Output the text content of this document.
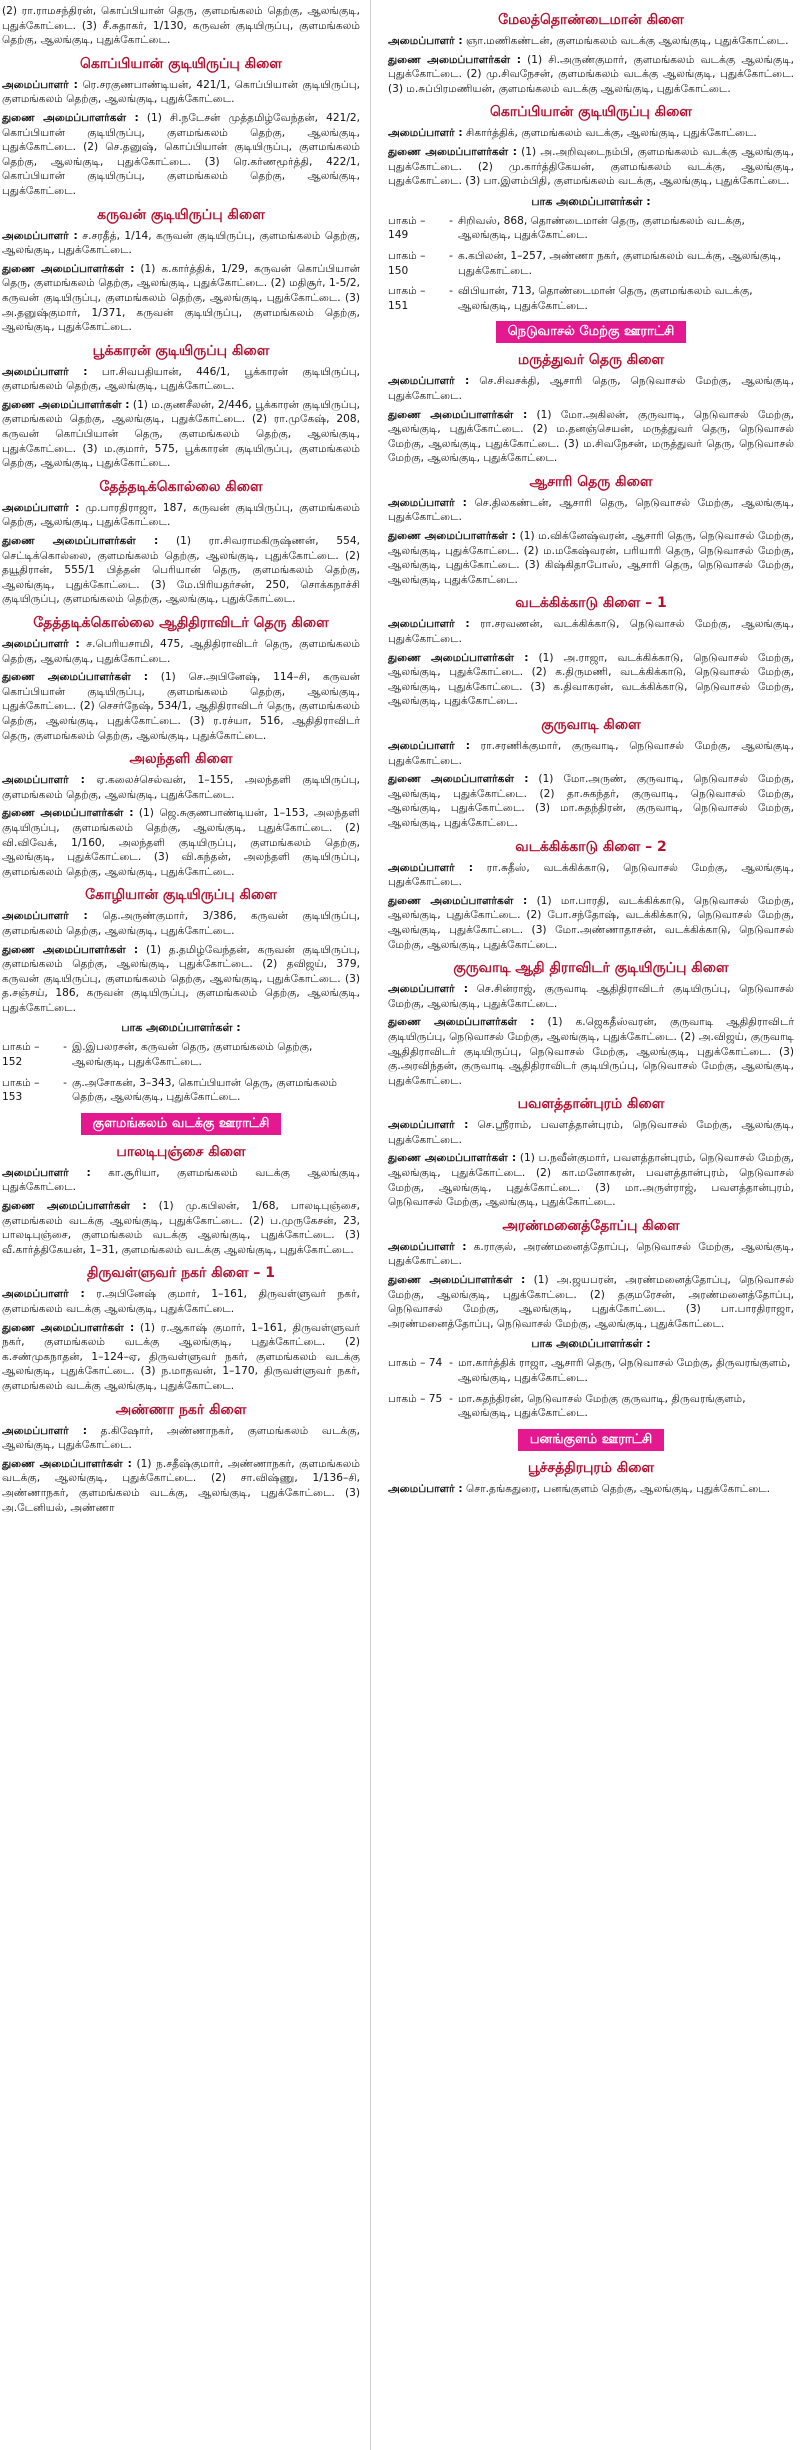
(2) ரா.ராமசந்திரன், கொப்பியான் தெரு, குளமங்கலம் தெற்கு, ஆலங்குடி, புதுக்கோட்டை. (3) சீ.சுதாகர், 1/130, கருவன் குடியிருப்பு, குளமங்கலம் தெற்கு, ஆலங்குடி, புதுக்கோட்டை.

கொப்பியான் குடியிருப்பு கிளை

அமைப்பாளர் : ரெ.சரகுணபாண்டியன், 421/1, கொப்பியான் குடியிருப்பு, குளமங்கலம் தெற்கு, ஆலங்குடி, புதுக்கோட்டை.

துணை அமைப்பாளர்கள் : (1) சி.நடேசன் முத்தமிழ்வேந்தன், 421/2, கொப்பியான் குடியிருப்பு, குளமங்கலம் தெற்கு, ஆலங்குடி, புதுக்கோட்டை. (2) செ.தனுஷ், கொப்பியான் குடியிருப்பு, குளமங்கலம் தெற்கு, ஆலங்குடி, புதுக்கோட்டை. (3) ரெ.கர்ணமூர்த்தி, 422/1, கொப்பியான் குடியிருப்பு, குளமங்கலம் தெற்கு, ஆலங்குடி, புதுக்கோட்டை.

கருவன் குடியிருப்பு கிளை

அமைப்பாளர் : ச.சரதீத், 1/14, கருவன் குடியிருப்பு, குளமங்கலம் தெற்கு, ஆலங்குடி, புதுக்கோட்டை.

துணை அமைப்பாளர்கள் : (1) க.கார்த்திக், 1/29, கருவன் கொப்பியான் தெரு, குளமங்கலம் தெற்கு, ஆலங்குடி, புதுக்கோட்டை. (2) மதிசூர், 1-5/2, கருவன் குடியிருப்பு, குளமங்கலம் தெற்கு, ஆலங்குடி, புதுக்கோட்டை. (3) அ.தனுஷ்குமார், 1/371, கருவன் குடியிருப்பு, குளமங்கலம் தெற்கு, ஆலங்குடி, புதுக்கோட்டை.

பூக்காரன் குடியிருப்பு கிளை

அமைப்பாளர் : பா.சிவபதியான், 446/1, பூக்காரன் குடியிருப்பு, குளமங்கலம் தெற்கு, ஆலங்குடி, புதுக்கோட்டை.

துணை அமைப்பாளர்கள் : (1) ம.குணசீலன், 2/446, பூக்காரன் குடியிருப்பு, குளமங்கலம் தெற்கு, ஆலங்குடி, புதுக்கோட்டை. (2) ரா.முகேஷ், 208, கருவன் கொப்பியான் தெரு, குளமங்கலம் தெற்கு, ஆலங்குடி, புதுக்கோட்டை. (3) ம.குமார், 575, பூக்காரன் குடியிருப்பு, குளமங்கலம் தெற்கு, ஆலங்குடி, புதுக்கோட்டை.

தேத்தடிக்கொல்லை கிளை

அமைப்பாளர் : மு.பாரதிராஜா, 187, கருவன் குடியிருப்பு, குளமங்கலம் தெற்கு, ஆலங்குடி, புதுக்கோட்டை.

துணை அமைப்பாளர்கள் : (1) ரா.சிவராமகிருஷ்ணன், 554, செட்டிக்கொல்லை, குளமங்கலம் தெற்கு, ஆலங்குடி, புதுக்கோட்டை. (2) தயூதிரான், 555/1 பித்தன் பெரியான் தெரு, குளமங்கலம் தெற்கு, ஆலங்குடி, புதுக்கோட்டை. (3) மே.பிரியதர்சன், 250, சொக்கநாச்சி குடியிருப்பு, குளமங்கலம் தெற்கு, ஆலங்குடி, புதுக்கோட்டை.

தேத்தடிக்கொல்லை ஆதிதிராவிடர் தெரு கிளை

அமைப்பாளர் : ச.பெரியசாமி, 475, ஆதிதிராவிடர் தெரு, குளமங்கலம் தெற்கு, ஆலங்குடி, புதுக்கோட்டை.

துணை அமைப்பாளர்கள் : (1) செ.அபினேஷ், 114–சி, கருவன் கொப்பியான் குடியிருப்பு, குளமங்கலம் தெற்கு, ஆலங்குடி, புதுக்கோட்டை. (2) செசர்நேஷ், 534/1, ஆதிதிராவிடர் தெரு, குளமங்கலம் தெற்கு, ஆலங்குடி, புதுக்கோட்டை. (3) ர.ரச்யா, 516, ஆதிதிராவிடர் தெரு, குளமங்கலம் தெற்கு, ஆலங்குடி, புதுக்கோட்டை.

அலந்தளி கிளை

அமைப்பாளர் : ஏ.கலைச்செல்வன், 1–155, அலந்தளி குடியிருப்பு, குளமங்கலம் தெற்கு, ஆலங்குடி, புதுக்கோட்டை.

துணை அமைப்பாளர்கள் : (1) ஜெ.சுகுணபாண்டியன், 1–153, அலந்தளி குடியிருப்பு, குளமங்கலம் தெற்கு, ஆலங்குடி, புதுக்கோட்டை. (2) வி.விவேக், 1/160, அலந்தளி குடியிருப்பு, குளமங்கலம் தெற்கு, ஆலங்குடி, புதுக்கோட்டை. (3) வி.கந்தன், அலந்தளி குடியிருப்பு, குளமங்கலம் தெற்கு, ஆலங்குடி, புதுக்கோட்டை.

கோழியான் குடியிருப்பு கிளை

அமைப்பாளர் : தெ.அருண்குமார், 3/386, கருவன் குடியிருப்பு, குளமங்கலம் தெற்கு, ஆலங்குடி, புதுக்கோட்டை.

துணை அமைப்பாளர்கள் : (1) த.தமிழ்வேந்தன், கருவன் குடியிருப்பு, குளமங்கலம் தெற்கு, ஆலங்குடி, புதுக்கோட்டை. (2) தவிஜய், 379, கருவன் குடியிருப்பு, குளமங்கலம் தெற்கு, ஆலங்குடி, புதுக்கோட்டை. (3) த.சஞ்சய், 186, கருவன் குடியிருப்பு, குளமங்கலம் தெற்கு, ஆலங்குடி, புதுக்கோட்டை.

பாக அமைப்பாளர்கள் :
பாகம் – 152
- இ.இபலரசன், கருவன் தெரு, குளமங்கலம் தெற்கு, ஆலங்குடி, புதுக்கோட்டை.
பாகம் – 153
- கு.அசோகன், 3–343, கொப்பியான் தெரு, குளமங்கலம் தெற்கு, ஆலங்குடி, புதுக்கோட்டை.
குளமங்கலம் வடக்கு ஊராட்சி
பாலடிபுஞ்சை கிளை

அமைப்பாளர் : கா.சூரியா, குளமங்கலம் வடக்கு ஆலங்குடி, புதுக்கோட்டை.

துணை அமைப்பாளர்கள் : (1) மு.கபிலன், 1/68, பாலடிபுஞ்சை, குளமங்கலம் வடக்கு ஆலங்குடி, புதுக்கோட்டை. (2) ப.முருகேசன், 23, பாலடிபுஞ்சை, குளமங்கலம் வடக்கு ஆலங்குடி, புதுக்கோட்டை. (3) வீ.கார்த்திகேயன், 1–31, குளமங்கலம் வடக்கு ஆலங்குடி, புதுக்கோட்டை.

திருவள்ளுவர் நகர் கிளை – 1

அமைப்பாளர் : ர.அபினேஷ் குமார், 1–161, திருவள்ளுவர் நகர், குளமங்கலம் வடக்கு ஆலங்குடி, புதுக்கோட்டை.

துணை அமைப்பாளர்கள் : (1) ர.ஆகாஷ் குமார், 1–161, திருவள்ளுவர் நகர், குளமங்கலம் வடக்கு ஆலங்குடி, புதுக்கோட்டை. (2) க.சண்முகநாதன், 1–124–ஏ, திருவள்ளுவர் நகர், குளமங்கலம் வடக்கு ஆலங்குடி, புதுக்கோட்டை. (3) ந.மாதவன், 1–170, திருவள்ளுவர் நகர், குளமங்கலம் வடக்கு ஆலங்குடி, புதுக்கோட்டை.

அண்ணா நகர் கிளை

அமைப்பாளர் : த.கிஷோர், அண்ணாநகர், குளமங்கலம் வடக்கு, ஆலங்குடி, புதுக்கோட்டை.

துணை அமைப்பாளர்கள் : (1) ந.சதீஷ்குமார், அண்ணாநகர், குளமங்கலம் வடக்கு, ஆலங்குடி, புதுக்கோட்டை. (2) சா.விஷ்ணு, 1/136–சி, அண்ணாநகர், குளமங்கலம் வடக்கு, ஆலங்குடி, புதுக்கோட்டை. (3) அ.டேனியல், அண்ணா

மேலத்தொண்டைமான் கிளை

அமைப்பாளர் : ஞா.மணிகண்டன், குளமங்கலம் வடக்கு ஆலங்குடி, புதுக்கோட்டை.

துணை அமைப்பாளர்கள் : (1) சி.அருண்குமார், குளமங்கலம் வடக்கு ஆலங்குடி, புதுக்கோட்டை. (2) மு.சிவநேசன், குளமங்கலம் வடக்கு ஆலங்குடி, புதுக்கோட்டை. (3) ம.சுப்பிரமணியன், குளமங்கலம் வடக்கு ஆலங்குடி, புதுக்கோட்டை.

கொப்பியான் குடியிருப்பு கிளை

அமைப்பாளர் : சிகார்த்திக், குளமங்கலம் வடக்கு, ஆலங்குடி, புதுக்கோட்டை.

துணை அமைப்பாளர்கள் : (1) அ.அறிவுடைநம்பி, குளமங்கலம் வடக்கு ஆலங்குடி, புதுக்கோட்டை. (2) மு.கார்த்திகேயன், குளமங்கலம் வடக்கு, ஆலங்குடி, புதுக்கோட்டை. (3) பா.இளம்பிதி, குளமங்கலம் வடக்கு, ஆலங்குடி, புதுக்கோட்டை.

பாக அமைப்பாளர்கள் :
பாகம் – 149
- சிறிவஸ், 868, தொண்டைமான் தெரு, குளமங்கலம் வடக்கு, ஆலங்குடி, புதுக்கோட்டை.
பாகம் – 150
- க.கபிலன், 1–257, அண்ணா நகர், குளமங்கலம் வடக்கு, ஆலங்குடி, புதுக்கோட்டை.
பாகம் – 151
- விபியான், 713, தொண்டைமான் தெரு, குளமங்கலம் வடக்கு, ஆலங்குடி, புதுக்கோட்டை.
நெடுவாசல் மேற்கு ஊராட்சி
மருத்துவர் தெரு கிளை

அமைப்பாளர் : செ.சிவசக்தி, ஆசாரி தெரு, நெடுவாசல் மேற்கு, ஆலங்குடி, புதுக்கோட்டை.

துணை அமைப்பாளர்கள் : (1) மோ.அகிலன், குருவாடி, நெடுவாசல் மேற்கு, ஆலங்குடி, புதுக்கோட்டை. (2) ம.தனஞ்செயன், மருத்துவர் தெரு, நெடுவாசல் மேற்கு, ஆலங்குடி, புதுக்கோட்டை. (3) ம.சிவநேசன், மருத்துவர் தெரு, நெடுவாசல் மேற்கு, ஆலங்குடி, புதுக்கோட்டை.

ஆசாரி தெரு கிளை

அமைப்பாளர் : செ.திலகண்டன், ஆசாரி தெரு, நெடுவாசல் மேற்கு, ஆலங்குடி, புதுக்கோட்டை.

துணை அமைப்பாளர்கள் : (1) ம.விக்னேஷ்வரன், ஆசாரி தெரு, நெடுவாசல் மேற்கு, ஆலங்குடி, புதுக்கோட்டை. (2) ம.மகேஷ்வரன், பரியாரி தெரு, நெடுவாசல் மேற்கு, ஆலங்குடி, புதுக்கோட்டை. (3) கிஷ்கிதாபோஸ், ஆசாரி தெரு, நெடுவாசல் மேற்கு, ஆலங்குடி, புதுக்கோட்டை.

வடக்கிக்காடு கிளை – 1

அமைப்பாளர் : ரா.சரவணன், வடக்கிக்காடு, நெடுவாசல் மேற்கு, ஆலங்குடி, புதுக்கோட்டை.

துணை அமைப்பாளர்கள் : (1) அ.ராஜா, வடக்கிக்காடு, நெடுவாசல் மேற்கு, ஆலங்குடி, புதுக்கோட்டை. (2) க.திருமணி, வடக்கிக்காடு, நெடுவாசல் மேற்கு, ஆலங்குடி, புதுக்கோட்டை. (3) க.திவாகரன், வடக்கிக்காடு, நெடுவாசல் மேற்கு, ஆலங்குடி, புதுக்கோட்டை.

குருவாடி கிளை

அமைப்பாளர் : ரா.சரணிக்குமார், குருவாடி, நெடுவாசல் மேற்கு, ஆலங்குடி, புதுக்கோட்டை.

துணை அமைப்பாளர்கள் : (1) மோ.அருண், குருவாடி, நெடுவாசல் மேற்கு, ஆலங்குடி, புதுக்கோட்டை. (2) தா.சுகந்தர், குருவாடி, நெடுவாசல் மேற்கு, ஆலங்குடி, புதுக்கோட்டை. (3) மா.சுதந்திரன், குருவாடி, நெடுவாசல் மேற்கு, ஆலங்குடி, புதுக்கோட்டை.

வடக்கிக்காடு கிளை – 2

அமைப்பாளர் : ரா.சுதீஸ், வடக்கிக்காடு, நெடுவாசல் மேற்கு, ஆலங்குடி, புதுக்கோட்டை.

துணை அமைப்பாளர்கள் : (1) மா.பாரதி, வடக்கிக்காடு, நெடுவாசல் மேற்கு, ஆலங்குடி, புதுக்கோட்டை. (2) போ.சந்தோஷ், வடக்கிக்காடு, நெடுவாசல் மேற்கு, ஆலங்குடி, புதுக்கோட்டை. (3) மோ.அண்ணாதாசன், வடக்கிக்காடு, நெடுவாசல் மேற்கு, ஆலங்குடி, புதுக்கோட்டை.

குருவாடி ஆதி திராவிடர் குடியிருப்பு கிளை

அமைப்பாளர் : செ.சின்ராஜ், குருவாடி ஆதிதிராவிடர் குடியிருப்பு, நெடுவாசல் மேற்கு, ஆலங்குடி, புதுக்கோட்டை.

துணை அமைப்பாளர்கள் : (1) க.ஜெகதீஸ்வரன், குருவாடி ஆதிதிராவிடர் குடியிருப்பு, நெடுவாசல் மேற்கு, ஆலங்குடி, புதுக்கோட்டை. (2) அ.விஜய், குருவாடி ஆதிதிராவிடர் குடியிருப்பு, நெடுவாசல் மேற்கு, ஆலங்குடி, புதுக்கோட்டை. (3) கு.அரவிந்தன், குருவாடி ஆதிதிராவிடர் குடியிருப்பு, நெடுவாசல் மேற்கு, ஆலங்குடி, புதுக்கோட்டை.

பவளத்தான்புரம் கிளை

அமைப்பாளர் : செ.ஸ்ரீராம், பவளத்தான்புரம், நெடுவாசல் மேற்கு, ஆலங்குடி, புதுக்கோட்டை.

துணை அமைப்பாளர்கள் : (1) ப.நவீன்குமார், பவளத்தான்புரம், நெடுவாசல் மேற்கு, ஆலங்குடி, புதுக்கோட்டை. (2) கா.மனோகரன், பவளத்தான்புரம், நெடுவாசல் மேற்கு, ஆலங்குடி, புதுக்கோட்டை. (3) மா.அருள்ராஜ், பவளத்தான்புரம், நெடுவாசல் மேற்கு, ஆலங்குடி, புதுக்கோட்டை.

அரண்மனைத்தோப்பு கிளை

அமைப்பாளர் : க.ராகுல், அரண்மனைத்தோப்பு, நெடுவாசல் மேற்கு, ஆலங்குடி, புதுக்கோட்டை.

துணை அமைப்பாளர்கள் : (1) அ.ஜயபரன், அரண்மனைத்தோப்பு, நெடுவாசல் மேற்கு, ஆலங்குடி, புதுக்கோட்டை. (2) தகுமரேசன், அரண்மனைத்தோப்பு, நெடுவாசல் மேற்கு, ஆலங்குடி, புதுக்கோட்டை. (3) பா.பாரதிராஜா, அரண்மனைத்தோப்பு, நெடுவாசல் மேற்கு, ஆலங்குடி, புதுக்கோட்டை.

பாக அமைப்பாளர்கள் :
பாகம் – 74 - மா.கார்த்திக் ராஜா, ஆசாரி தெரு, நெடுவாசல் மேற்கு, திருவரங்குளம், ஆலங்குடி, புதுக்கோட்டை.
பாகம் – 75 - மா.சுதந்திரன், நெடுவாசல் மேற்கு குருவாடி, திருவரங்குளம், ஆலங்குடி, புதுக்கோட்டை.
பனங்குளம் ஊராட்சி
பூச்சத்திரபுரம் கிளை

அமைப்பாளர் : சொ.தங்கதுரை, பனங்குளம் தெற்கு, ஆலங்குடி, புதுக்கோட்டை.
